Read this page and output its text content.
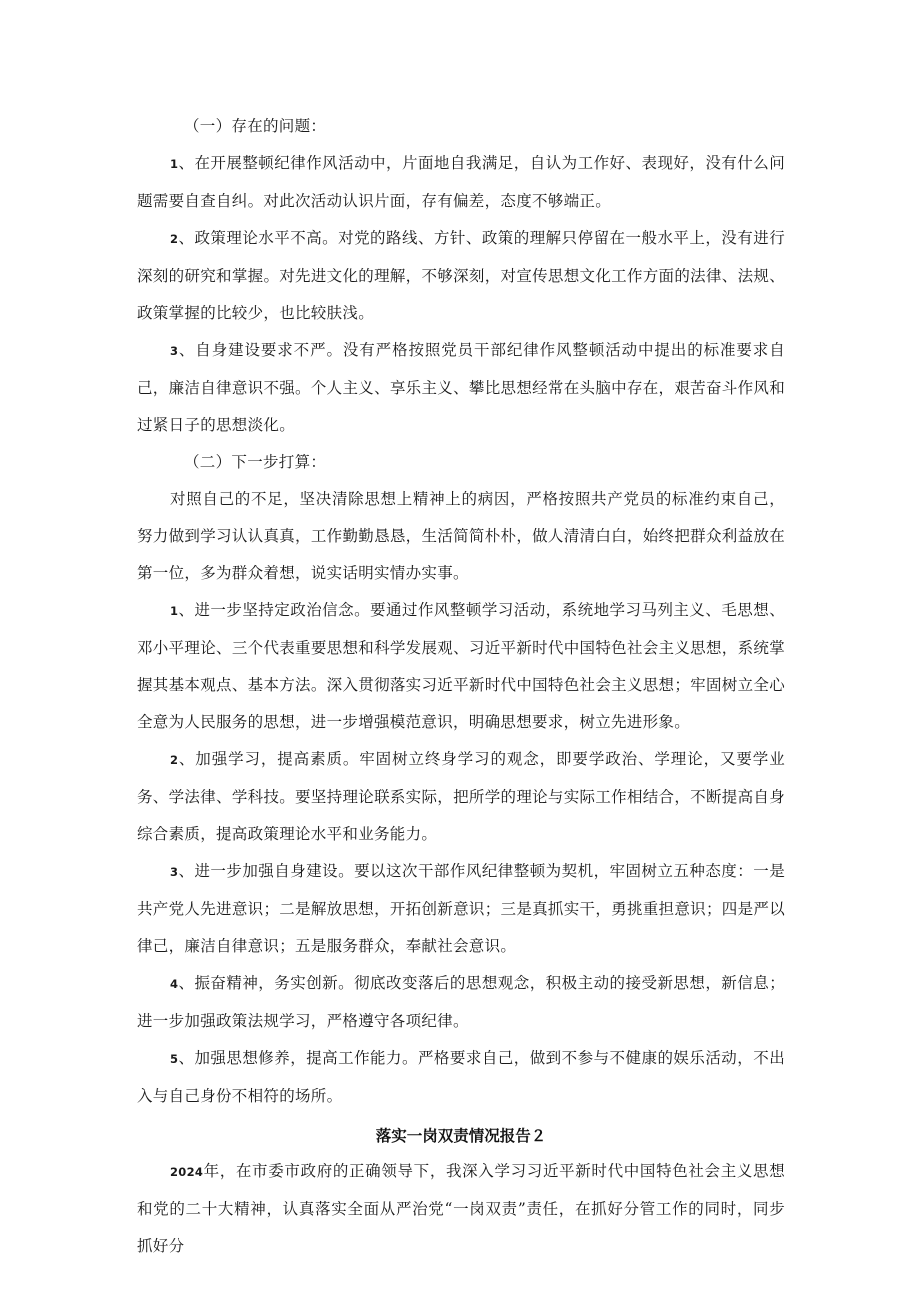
（一）存在的问题：

1、在开展整顿纪律作风活动中，片面地自我满足，自认为工作好、表现好，没有什么问题需要自查自纠。对此次活动认识片面，存有偏差，态度不够端正。

2、政策理论水平不高。对党的路线、方针、政策的理解只停留在一般水平上，没有进行深刻的研究和掌握。对先进文化的理解，不够深刻，对宣传思想文化工作方面的法律、法规、政策掌握的比较少，也比较肤浅。

3、自身建设要求不严。没有严格按照党员干部纪律作风整顿活动中提出的标准要求自己，廉洁自律意识不强。个人主义、享乐主义、攀比思想经常在头脑中存在，艰苦奋斗作风和过紧日子的思想淡化。

（二）下一步打算：

对照自己的不足，坚决清除思想上精神上的病因，严格按照共产党员的标准约束自己，努力做到学习认认真真，工作勤勤恳恳，生活简简朴朴，做人清清白白，始终把群众利益放在第一位，多为群众着想，说实话明实情办实事。

1、进一步坚持定政治信念。要通过作风整顿学习活动，系统地学习马列主义、毛思想、邓小平理论、三个代表重要思想和科学发展观、习近平新时代中国特色社会主义思想，系统掌握其基本观点、基本方法。深入贯彻落实习近平新时代中国特色社会主义思想；牢固树立全心全意为人民服务的思想，进一步增强模范意识，明确思想要求，树立先进形象。

2、加强学习，提高素质。牢固树立终身学习的观念，即要学政治、学理论，又要学业务、学法律、学科技。要坚持理论联系实际，把所学的理论与实际工作相结合，不断提高自身综合素质，提高政策理论水平和业务能力。

3、进一步加强自身建设。要以这次干部作风纪律整顿为契机，牢固树立五种态度：一是共产党人先进意识；二是解放思想，开拓创新意识；三是真抓实干，勇挑重担意识；四是严以律己，廉洁自律意识；五是服务群众，奉献社会意识。

4、振奋精神，务实创新。彻底改变落后的思想观念，积极主动的接受新思想，新信息；进一步加强政策法规学习，严格遵守各项纪律。

5、加强思想修养，提高工作能力。严格要求自己，做到不参与不健康的娱乐活动，不出入与自己身份不相符的场所。

落实一岗双责情况报告２

2024年，在市委市政府的正确领导下，我深入学习习近平新时代中国特色社会主义思想和党的二十大精神，认真落实全面从严治党“一岗双责”责任，在抓好分管工作的同时，同步抓好分
